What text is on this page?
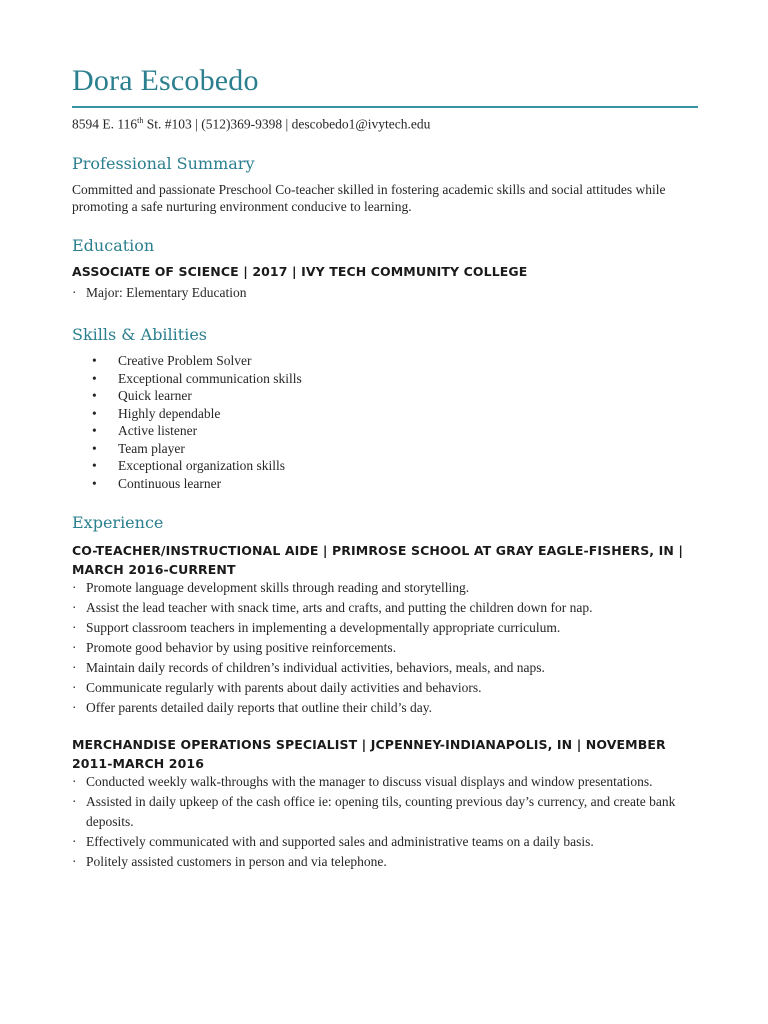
Dora Escobedo
8594 E. 116th St. #103 | (512)369-9398 | descobedo1@ivytech.edu
Professional Summary
Committed and passionate Preschool Co-teacher skilled in fostering academic skills and social attitudes while promoting a safe nurturing environment conducive to learning.
Education
ASSOCIATE OF SCIENCE | 2017 | IVY TECH COMMUNITY COLLEGE
· Major: Elementary Education
Skills & Abilities
• Creative Problem Solver
• Exceptional communication skills
• Quick learner
• Highly dependable
• Active listener
• Team player
• Exceptional organization skills
• Continuous learner
Experience
CO-TEACHER/INSTRUCTIONAL AIDE | PRIMROSE SCHOOL AT GRAY EAGLE-FISHERS, IN | MARCH 2016-CURRENT
· Promote language development skills through reading and storytelling.
· Assist the lead teacher with snack time, arts and crafts, and putting the children down for nap.
· Support classroom teachers in implementing a developmentally appropriate curriculum.
· Promote good behavior by using positive reinforcements.
· Maintain daily records of children’s individual activities, behaviors, meals, and naps.
· Communicate regularly with parents about daily activities and behaviors.
· Offer parents detailed daily reports that outline their child’s day.
MERCHANDISE OPERATIONS SPECIALIST | JCPENNEY-INDIANAPOLIS, IN | NOVEMBER 2011-MARCH 2016
· Conducted weekly walk-throughs with the manager to discuss visual displays and window presentations.
· Assisted in daily upkeep of the cash office ie: opening tils, counting previous day’s currency, and create bank deposits.
· Effectively communicated with and supported sales and administrative teams on a daily basis.
· Politely assisted customers in person and via telephone.
